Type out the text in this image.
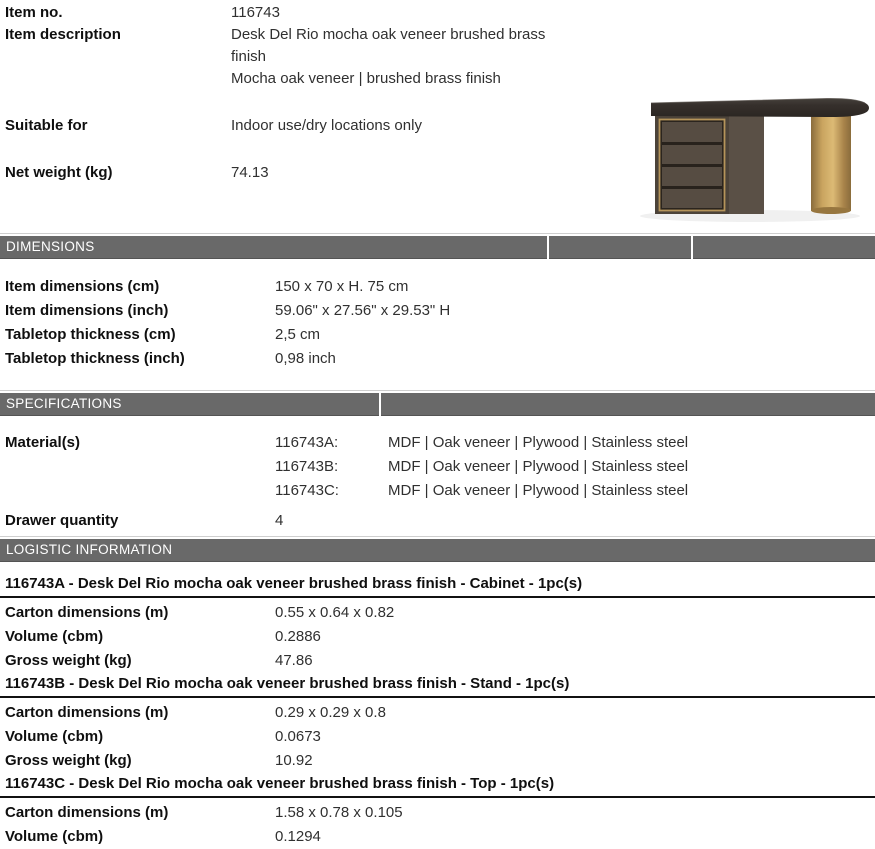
Item no.	116743
Item description	Desk Del Rio mocha oak veneer brushed brass finish
Mocha oak veneer | brushed brass finish
Suitable for	Indoor use/dry locations only
Net weight (kg)	74.13
DIMENSIONS
Item dimensions (cm)	150 x 70 x H. 75 cm
Item dimensions (inch)	59.06" x 27.56" x 29.53" H
Tabletop thickness (cm)	2,5 cm
Tabletop thickness (inch)	0,98 inch
SPECIFICATIONS
Material(s)	116743A:	MDF | Oak veneer | Plywood | Stainless steel
116743B:	MDF | Oak veneer | Plywood | Stainless steel
116743C:	MDF | Oak veneer | Plywood | Stainless steel
Drawer quantity	4
LOGISTIC INFORMATION
116743A - Desk Del Rio mocha oak veneer brushed brass finish - Cabinet - 1pc(s)
Carton dimensions (m)	0.55 x 0.64 x 0.82
Volume (cbm)	0.2886
Gross weight (kg)	47.86
116743B - Desk Del Rio mocha oak veneer brushed brass finish - Stand - 1pc(s)
Carton dimensions (m)	0.29 x 0.29 x 0.8
Volume (cbm)	0.0673
Gross weight (kg)	10.92
116743C - Desk Del Rio mocha oak veneer brushed brass finish - Top - 1pc(s)
Carton dimensions (m)	1.58 x 0.78 x 0.105
Volume (cbm)	0.1294
